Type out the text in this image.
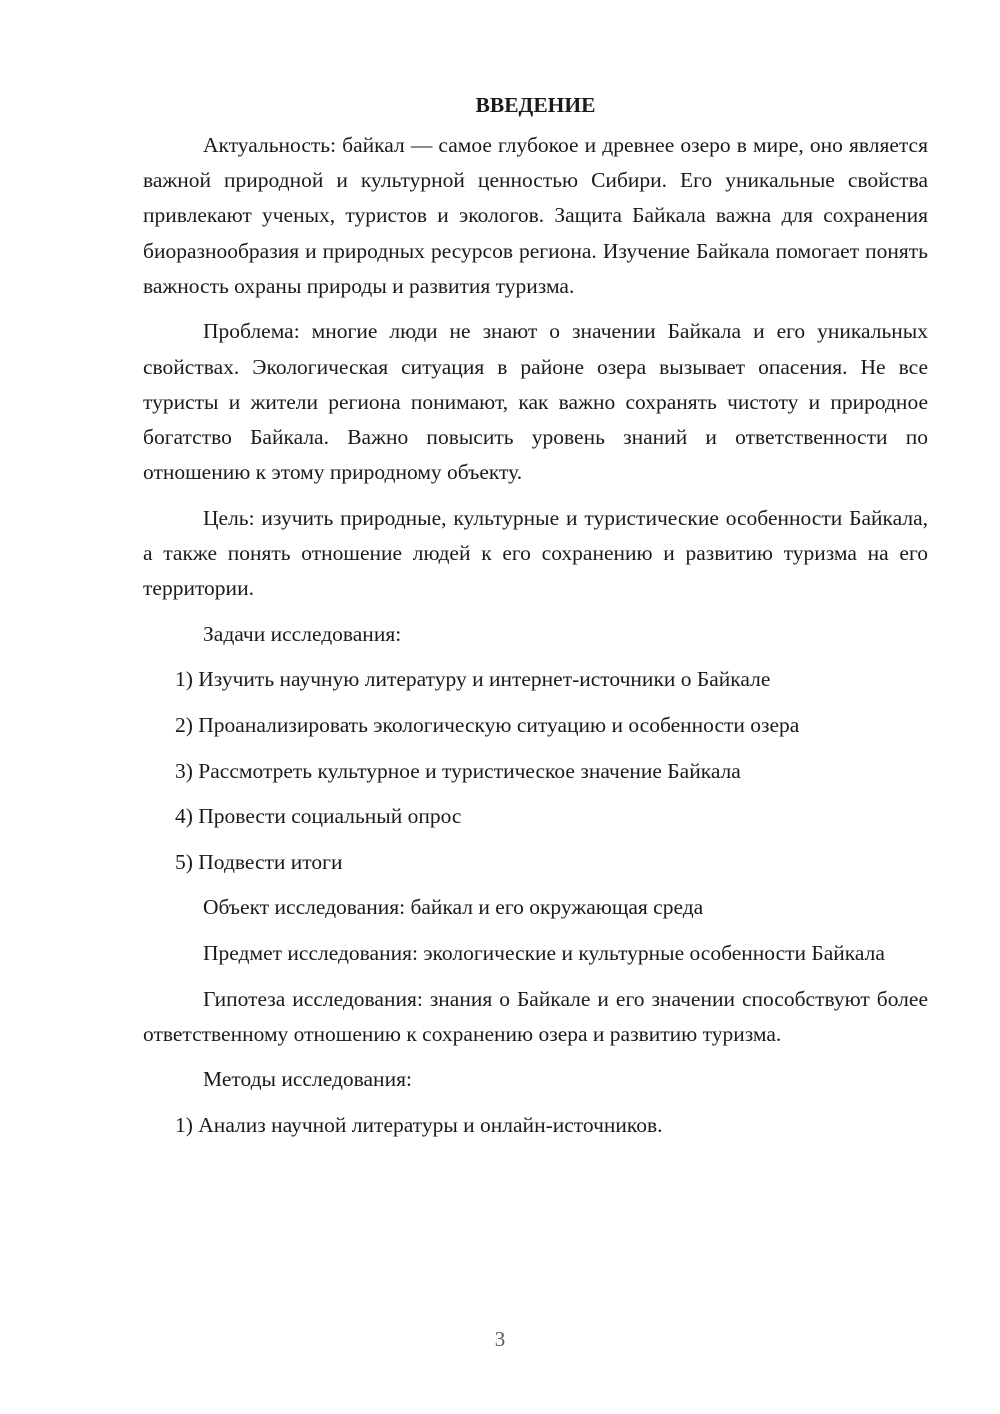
ВВЕДЕНИЕ

Актуальность: байкал — самое глубокое и древнее озеро в мире, оно является важной природной и культурной ценностью Сибири. Его уникальные свойства привлекают ученых, туристов и экологов. Защита Байкала важна для сохранения биоразнообразия и природных ресурсов региона. Изучение Байкала помогает понять важность охраны природы и развития туризма.

Проблема: многие люди не знают о значении Байкала и его уникальных свойствах. Экологическая ситуация в районе озера вызывает опасения. Не все туристы и жители региона понимают, как важно сохранять чистоту и природное богатство Байкала. Важно повысить уровень знаний и ответственности по отношению к этому природному объекту.

Цель: изучить природные, культурные и туристические особенности Байкала, а также понять отношение людей к его сохранению и развитию туризма на его территории.

Задачи исследования:
1) Изучить научную литературу и интернет-источники о Байкале
2) Проанализировать экологическую ситуацию и особенности озера
3) Рассмотреть культурное и туристическое значение Байкала
4) Провести социальный опрос
5) Подвести итоги
Объект исследования: байкал и его окружающая среда

Предмет исследования: экологические и культурные особенности Байкала

Гипотеза исследования: знания о Байкале и его значении способствуют более ответственному отношению к сохранению озера и развитию туризма.

Методы исследования:
1) Анализ научной литературы и онлайн-источников.
3
